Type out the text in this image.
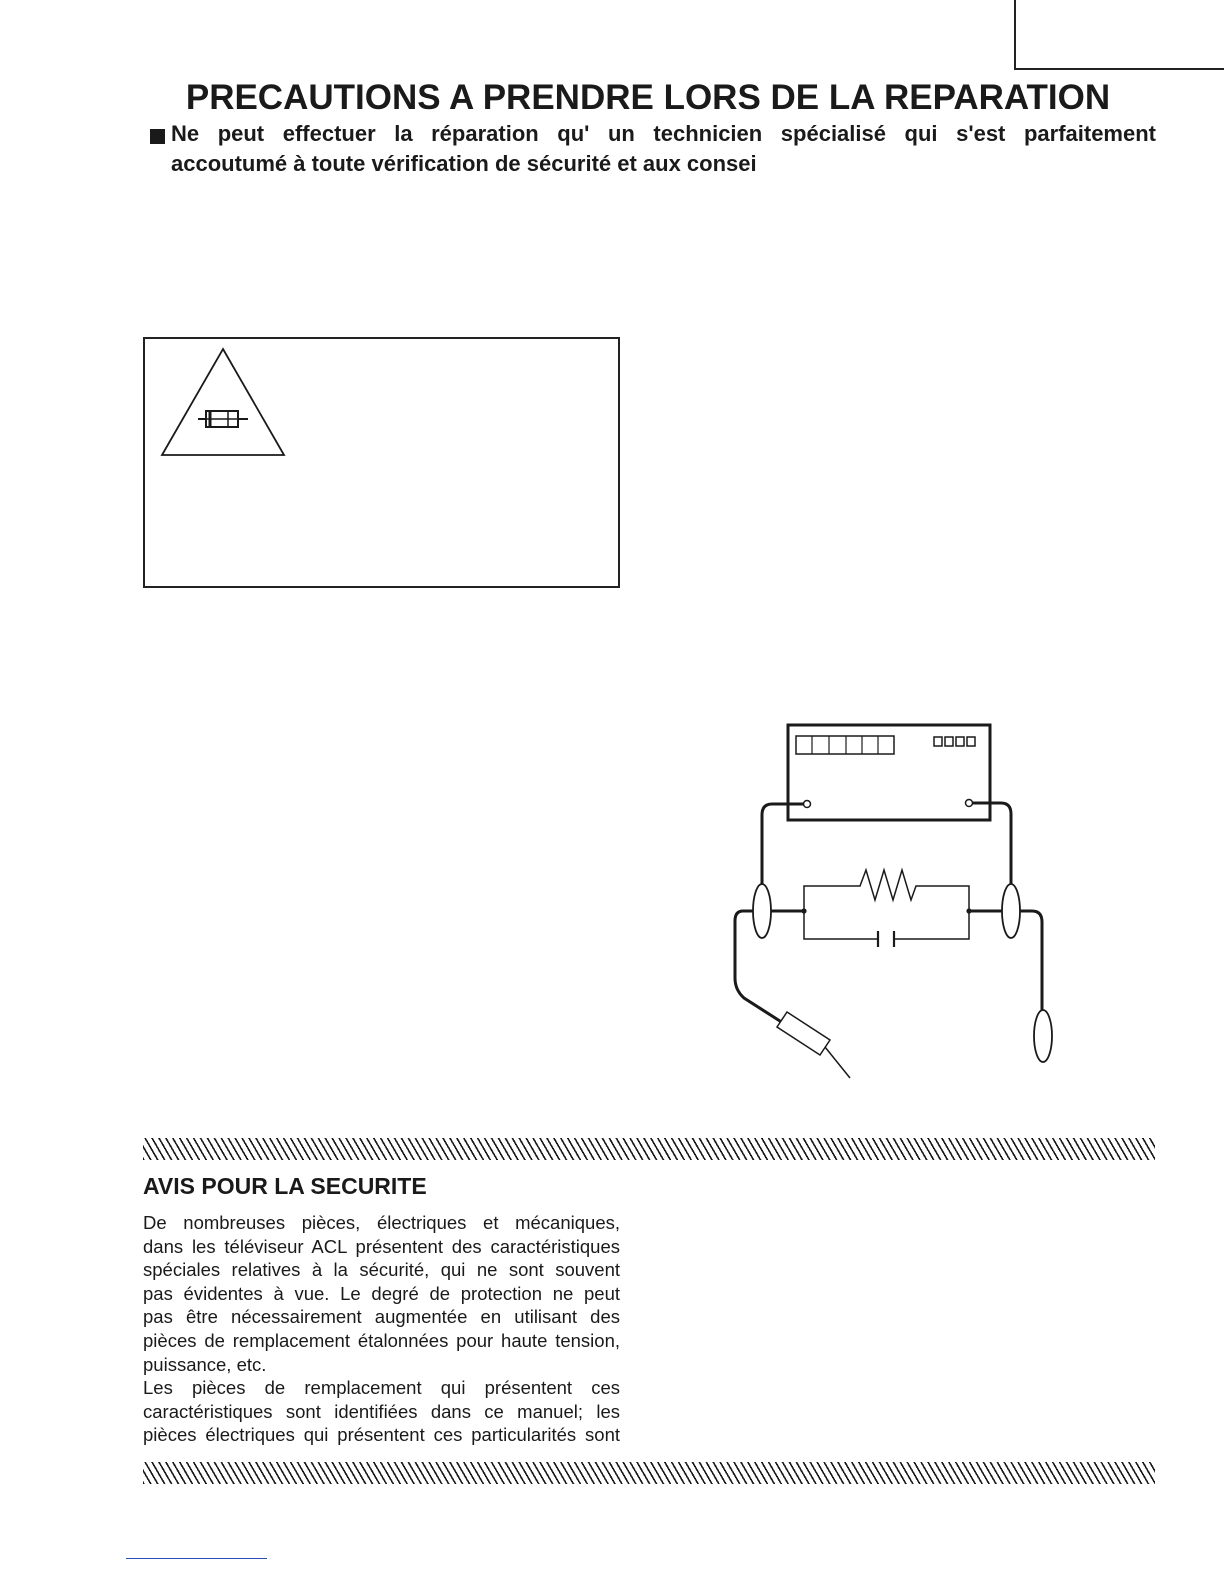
PRECAUTIONS A PRENDRE LORS DE LA REPARATION
Ne peut effectuer la réparation qu' un technicien spécialisé qui s'est parfaitement
accoutumé à toute vérification de sécurité et aux consei
AVIS POUR LA SECURITE
De nombreuses pièces, électriques et mécaniques,
dans les téléviseur ACL présentent des caractéristiques
spéciales relatives à la sécurité, qui ne sont souvent
pas évidentes à vue. Le degré de protection ne peut
pas être nécessairement augmentée en utilisant des
pièces de remplacement étalonnées pour haute tension,
puissance, etc.
Les pièces de remplacement qui présentent ces
caractéristiques sont identifiées dans ce manuel; les
pièces électriques qui présentent ces particularités sont
